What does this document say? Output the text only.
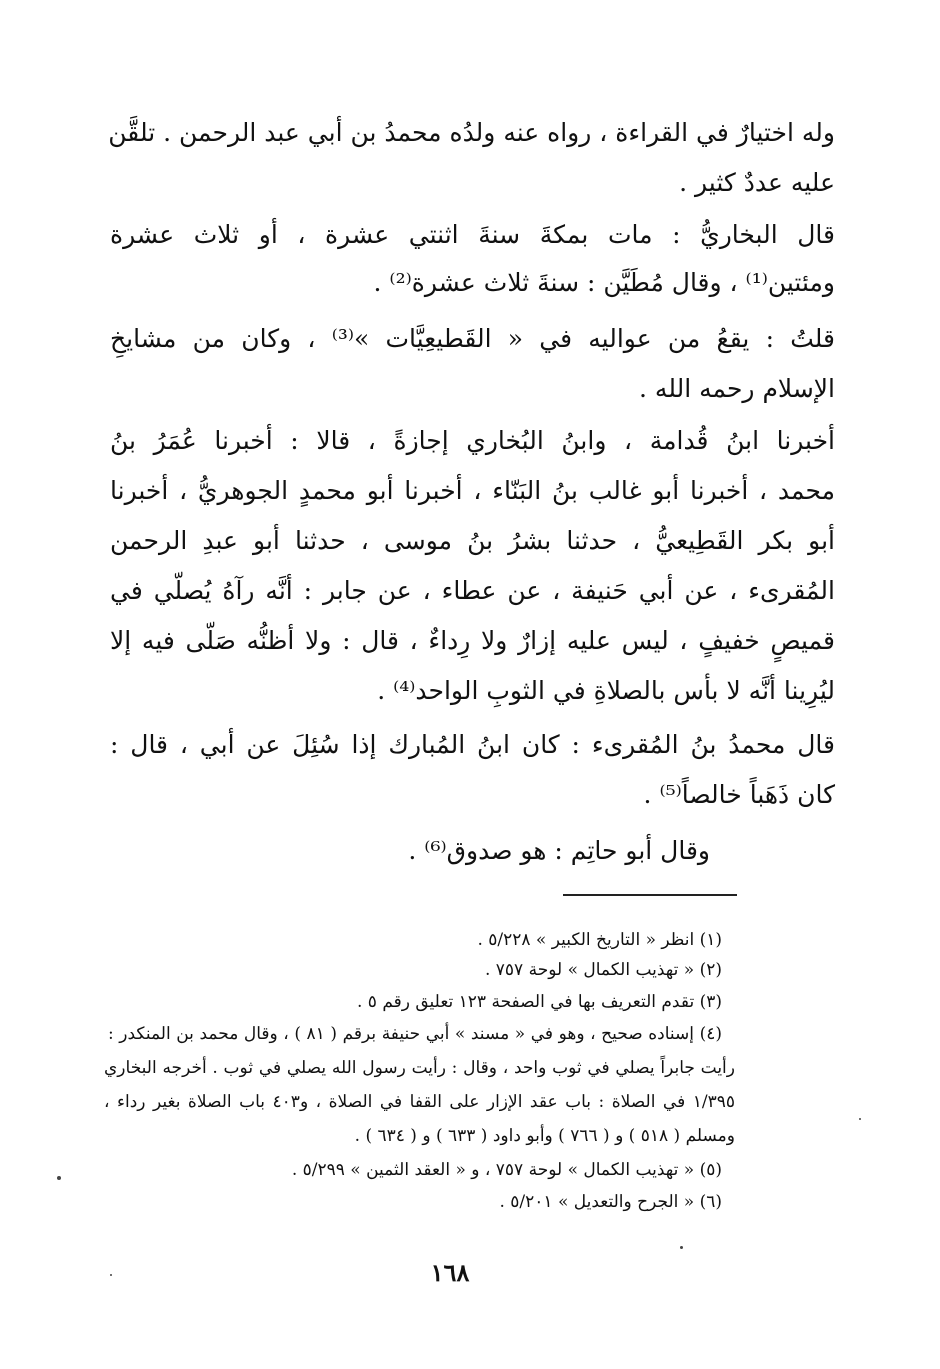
وله اختيارٌ في القراءة ، رواه عنه ولدُه محمدُ بن أبي عبد الرحمن . تلقَّن
عليه عددٌ كثير .
قال البخاريُّ : مات بمكةَ سنةَ اثنتي عشرة ، أو ثلاث عشرة
ومئتين⁽¹⁾ ، وقال مُطَيَّن : سنةَ ثلاث عشرة⁽²⁾ .
قلتُ : يقعُ من عواليه في « القَطيعِيَّات »⁽³⁾ ، وكان من مشايخِ
الإسلام رحمه الله .
أخبرنا ابنُ قُدامة ، وابنُ البُخاري إجازةً ، قالا : أخبرنا عُمَرُ بنُ
محمد ، أخبرنا أبو غالب بنُ البَنّاء ، أخبرنا أبو محمدٍ الجوهريُّ ، أخبرنا
أبو بكر القَطِيعيُّ ، حدثنا بشرُ بنُ موسى ، حدثنا أبو عبدِ الرحمن
المُقرىء ، عن أبي حَنيفة ، عن عطاء ، عن جابر : أنَّه رآهُ يُصلّي في
قميصٍ خفيفٍ ، ليس عليه إزارٌ ولا رِداءٌ ، قال : ولا أظنُّه صَلّى فيه إلا
ليُرِينا أنَّه لا بأس بالصلاةِ في الثوبِ الواحد⁽⁴⁾ .
قال محمدُ بنُ المُقرىء : كان ابنُ المُبارك إذا سُئِلَ عن أبي ، قال :
كان ذَهَباً خالصاً⁽⁵⁾ .
وقال أبو حاتِم : هو صدوق⁽⁶⁾ .
(١) انظر « التاريخ الكبير » ٥/٢٢٨ .
(٢) « تهذيب الكمال » لوحة ٧٥٧ .
(٣) تقدم التعريف بها في الصفحة ١٢٣ تعليق رقم ٥ .
(٤) إسناده صحيح ، وهو في « مسند » أبي حنيفة برقم ( ٨١ ) ، وقال محمد بن المنكدر :
رأيت جابراً يصلي في ثوب واحد ، وقال : رأيت رسول الله يصلي في ثوب . أخرجه البخاري
١/٣٩٥ في الصلاة : باب عقد الإزار على القفا في الصلاة ، و٤٠٣ باب الصلاة بغير رداء ،
ومسلم ( ٥١٨ ) و ( ٧٦٦ ) وأبو داود ( ٦٣٣ ) و ( ٦٣٤ ) .
(٥) « تهذيب الكمال » لوحة ٧٥٧ ، و « العقد الثمين » ٥/٢٩٩ .
(٦) « الجرح والتعديل » ٥/٢٠١ .
١٦٨
